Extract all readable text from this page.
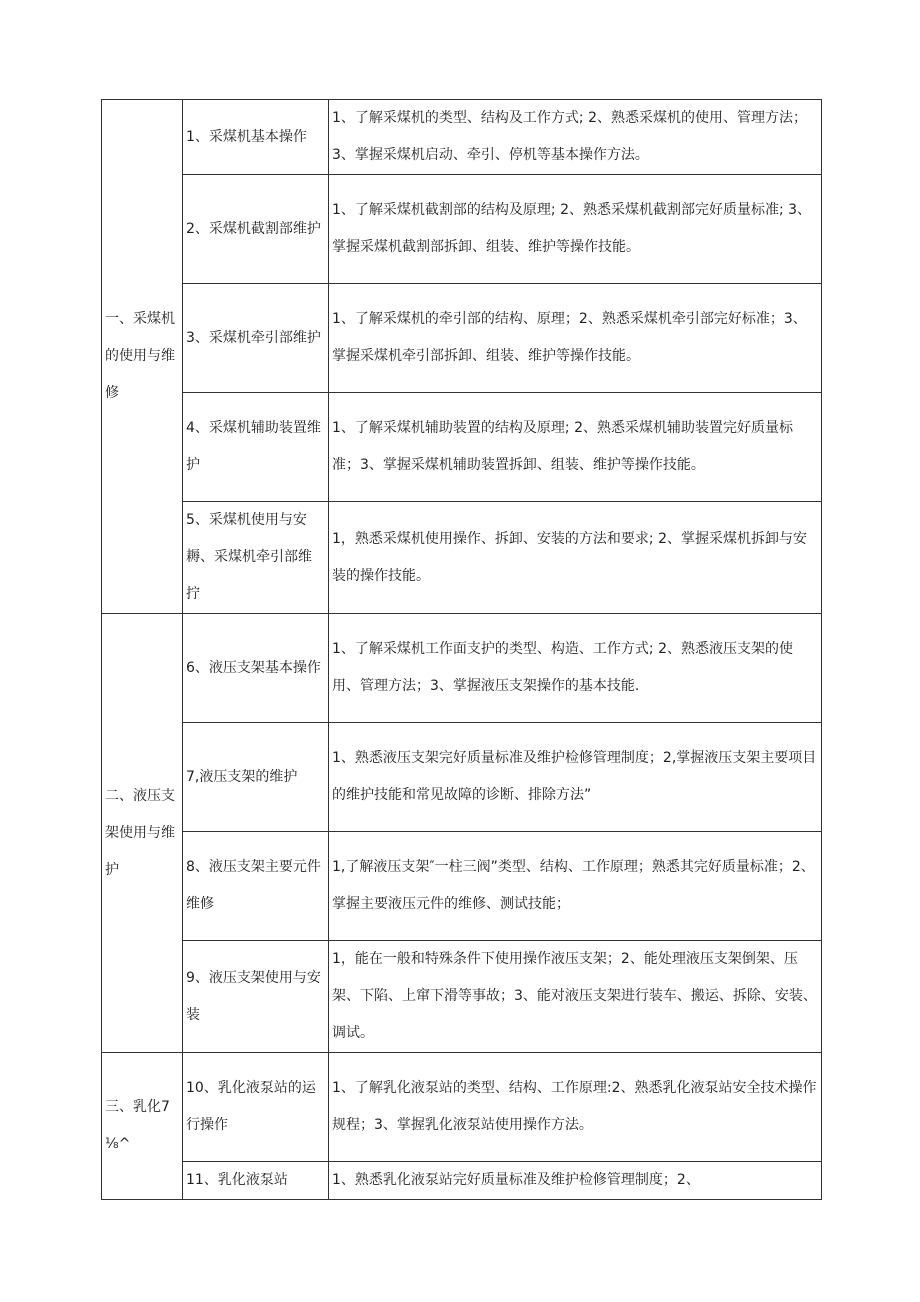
一、采煤机的使用与维修	1、采煤机基本操作	1、了解采煤机的类型、结构及工作方式; 2、熟悉采煤机的使用、管理方法；3、掌握采煤机启动、牵引、停机等基本操作方法。
	2、采煤机截割部维护	1、了解采煤机截割部的结构及原理; 2、熟悉采煤机截割部完好质量标准; 3、掌握采煤机截割部拆卸、组装、维护等操作技能。
	3、采煤机牵引部维护	1、了解采煤机的牵引部的结构、原理；2、熟悉采煤机牵引部完好标准；3、掌握采煤机牵引部拆卸、组装、维护等操作技能。
	4、采煤机辅助装置维护	1、了解采煤机辅助装置的结构及原理; 2、熟悉采煤机辅助装置完好质量标准；3、掌握采煤机辅助装置拆卸、组装、维护等操作技能。
	5、采煤机使用与安耨、采煤机牵引部维拧	1，熟悉采煤机使用操作、拆卸、安装的方法和要求; 2、掌握采煤机拆卸与安装的操作技能。
二、液压支架使用与维护	6、液压支架基本操作	1、了解采煤机工作面支护的类型、构造、工作方式; 2、熟悉液压支架的使用、管理方法；3、掌握液压支架操作的基本技能.
	7,液压支架的维护	1、熟悉液压支架完好质量标准及维护检修管理制度；2,掌握液压支架主要项目的维护技能和常见故障的诊断、排除方法”
	8、液压支架主要元件维修	1,了解液压支架″一柱三阀”类型、结构、工作原理；熟悉其完好质量标准；2、掌握主要液压元件的维修、测试技能；
	9、液压支架使用与安装	1，能在一般和特殊条件下使用操作液压支架；2、能处理液压支架倒架、压架、下陷、上窜下滑等事故；3、能对液压支架进行装车、搬运、拆除、安装、调试。
三、乳化7⅛^	10、乳化液泵站的运行操作	1、了解乳化液泵站的类型、结构、工作原理:2、熟悉乳化液泵站安全技术操作规程；3、掌握乳化液泵站使用操作方法。
	11、乳化液泵站	1、熟悉乳化液泵站完好质量标准及维护检修管理制度；2、
